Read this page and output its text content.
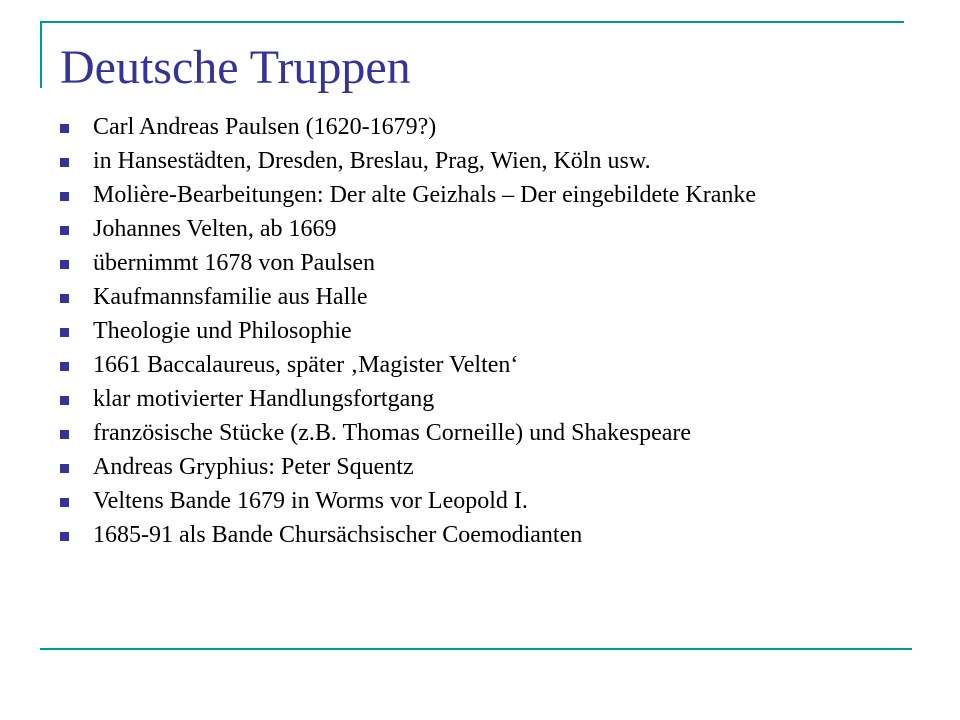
Deutsche Truppen
Carl Andreas Paulsen (1620-1679?)
in Hansestädten, Dresden, Breslau, Prag, Wien, Köln usw.
Molière-Bearbeitungen: Der alte Geizhals – Der eingebildete Kranke
Johannes Velten, ab 1669
übernimmt 1678 von Paulsen
Kaufmannsfamilie aus Halle
Theologie und Philosophie
1661 Baccalaureus, später ‚Magister Velten‘
klar motivierter Handlungsfortgang
französische Stücke (z.B. Thomas Corneille) und Shakespeare
Andreas Gryphius: Peter Squentz
Veltens Bande 1679 in Worms vor Leopold I.
1685-91 als Bande Chursächsischer Coemodianten
